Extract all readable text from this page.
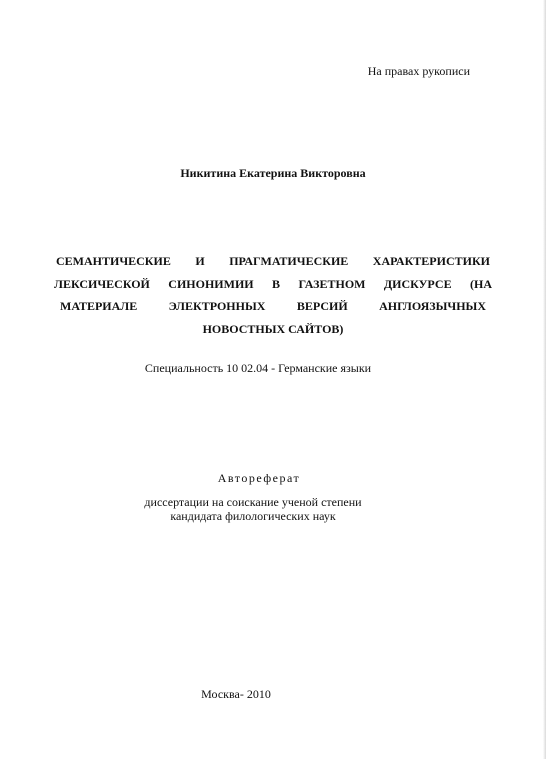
На правах рукописи
Никитина Екатерина Викторовна
СЕМАНТИЧЕСКИЕ И ПРАГМАТИЧЕСКИЕ ХАРАКТЕРИСТИКИ
ЛЕКСИЧЕСКОЙ СИНОНИМИИ В ГАЗЕТНОМ ДИСКУРСЕ (НА
МАТЕРИАЛЕ ЭЛЕКТРОННЫХ ВЕРСИЙ АНГЛОЯЗЫЧНЫХ
НОВОСТНЫХ САЙТОВ)
Специальность 10 02.04 - Германские языки
Автореферат
диссертации на соискание ученой степени
кандидата филологических наук
Москва- 2010
